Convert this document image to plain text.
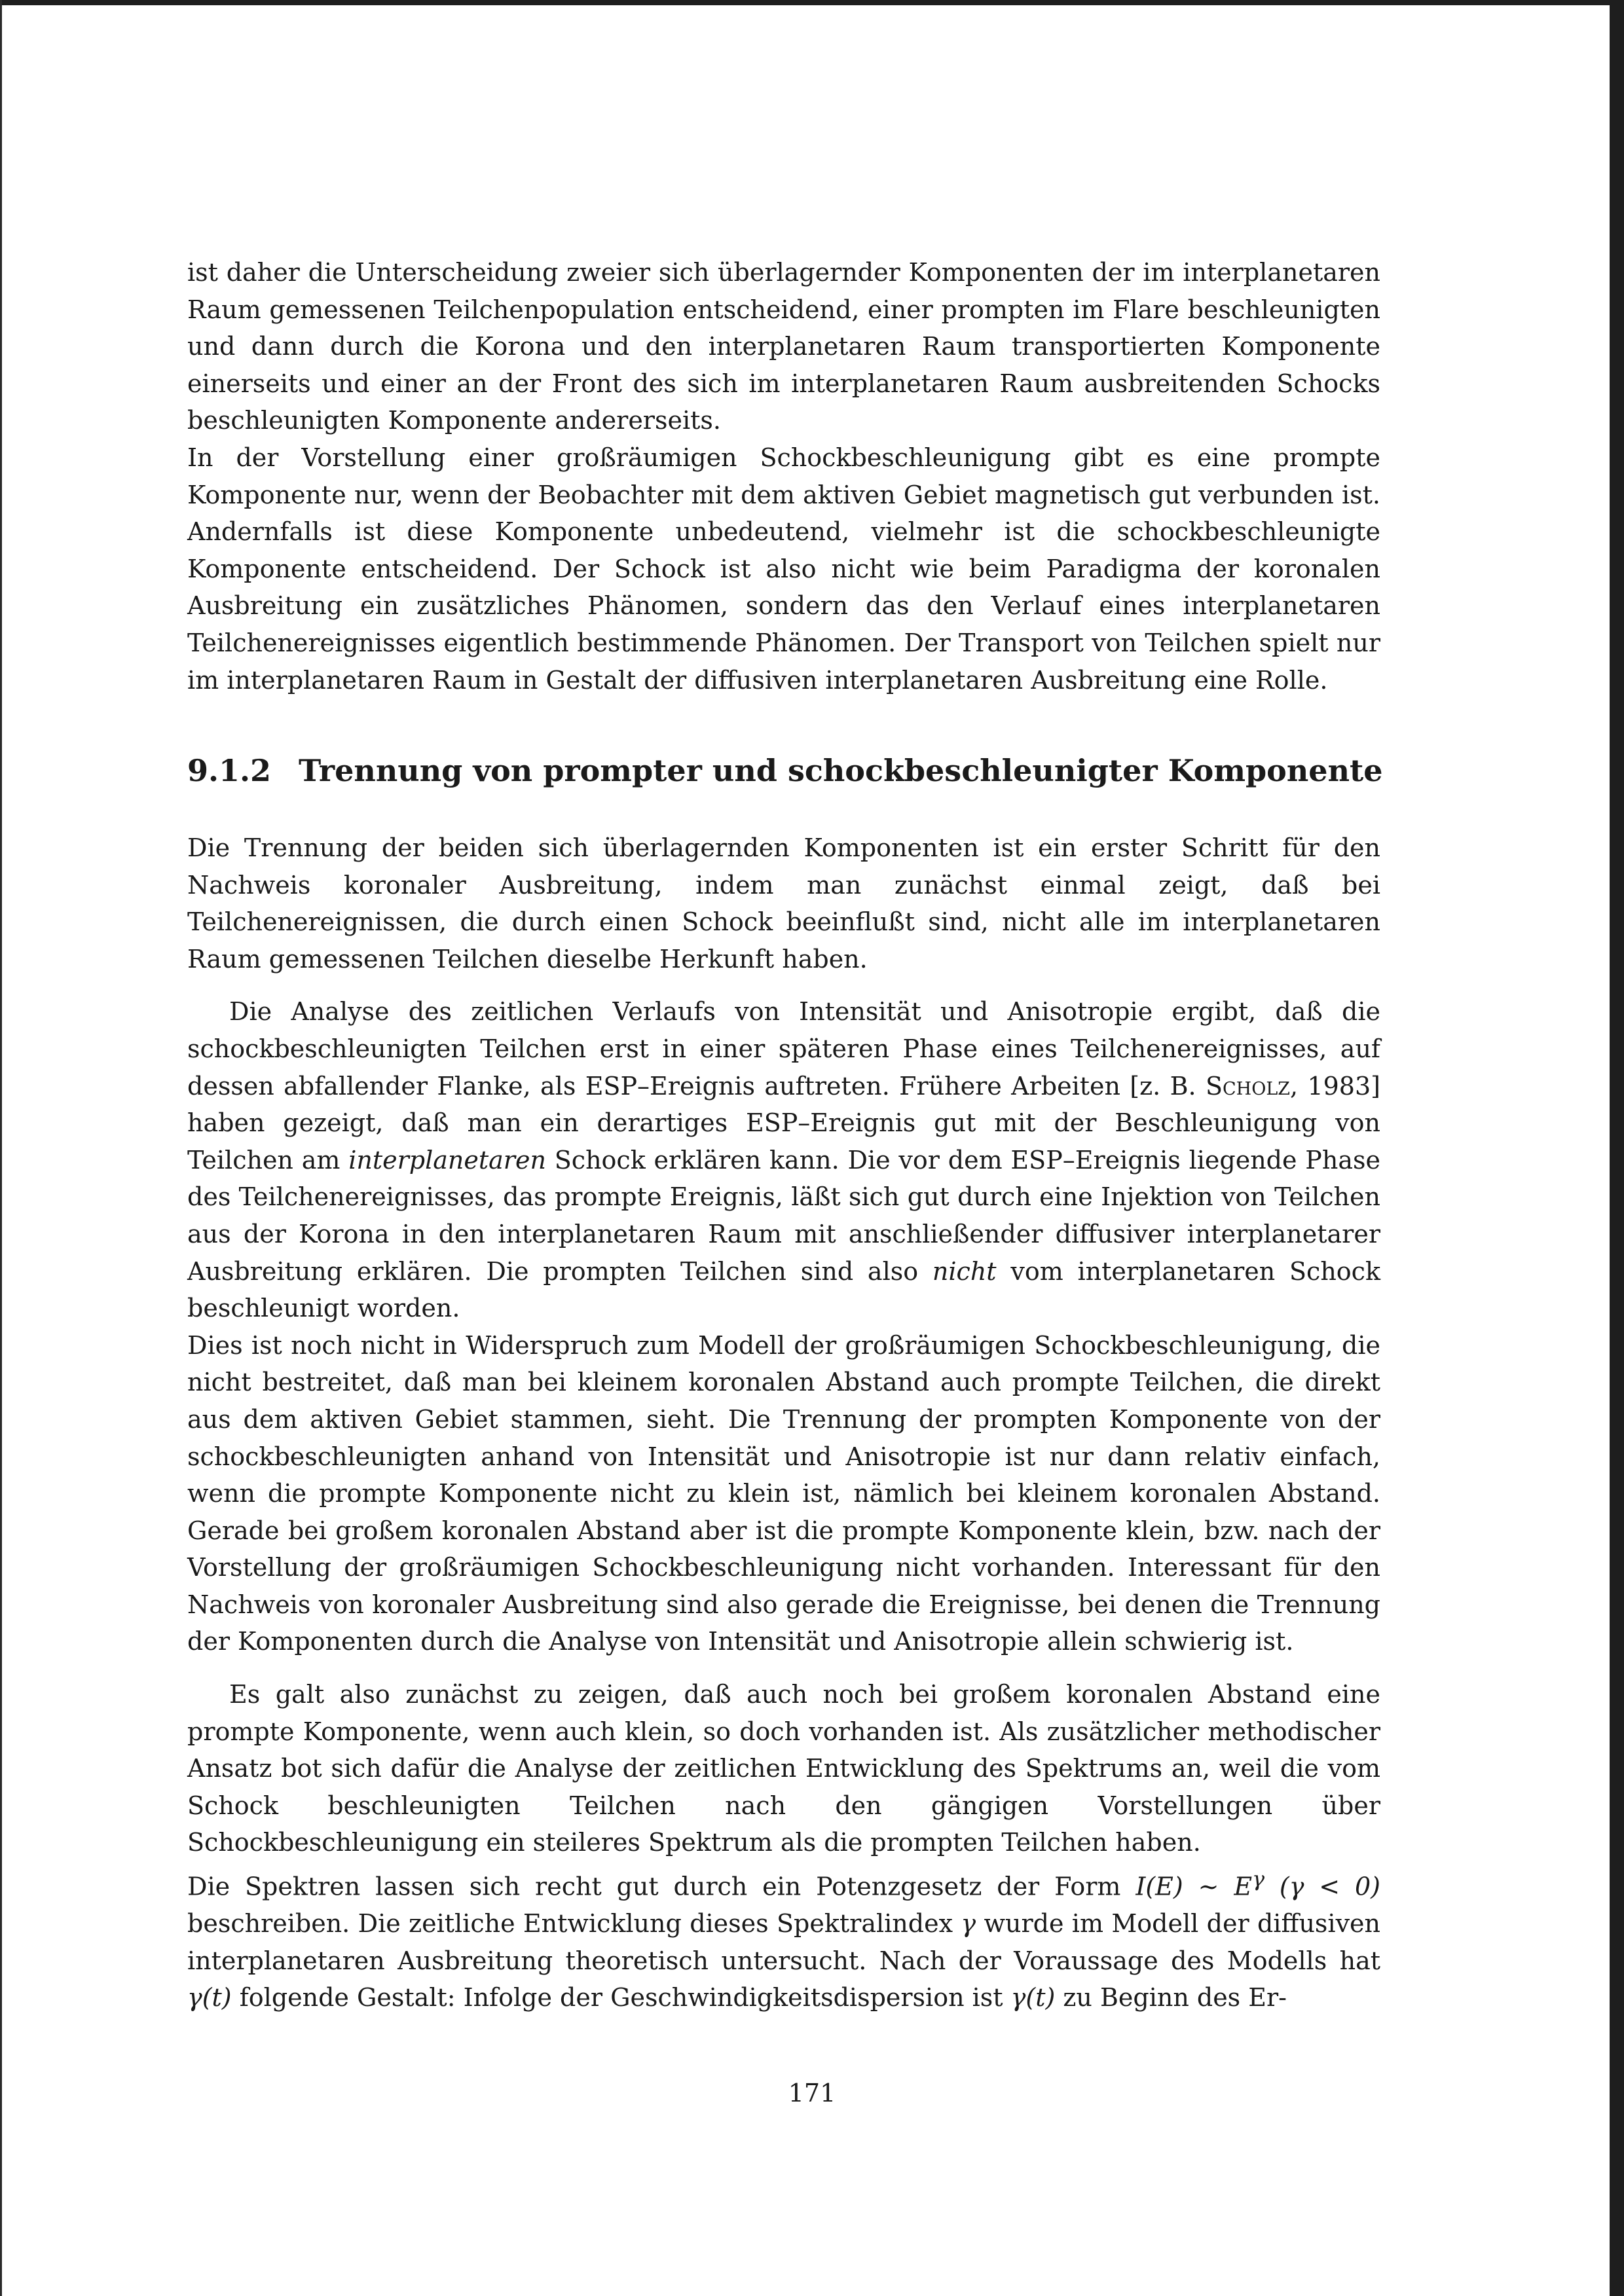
ist daher die Unterscheidung zweier sich überlagernder Komponenten der im interplanetaren Raum gemessenen Teilchenpopulation entscheidend, einer prompten im Flare beschleunigten und dann durch die Korona und den interplanetaren Raum transportierten Komponente einerseits und einer an der Front des sich im interplanetaren Raum ausbreitenden Schocks beschleunigten Komponente andererseits.

In der Vorstellung einer großräumigen Schockbeschleunigung gibt es eine prompte Komponente nur, wenn der Beobachter mit dem aktiven Gebiet magnetisch gut verbunden ist. Andernfalls ist diese Komponente unbedeutend, vielmehr ist die schockbeschleunigte Komponente entscheidend. Der Schock ist also nicht wie beim Paradigma der koronalen Ausbreitung ein zusätzliches Phänomen, sondern das den Verlauf eines interplanetaren Teilchenereignisses eigentlich bestimmende Phänomen. Der Transport von Teilchen spielt nur im interplanetaren Raum in Gestalt der diffusiven interplanetaren Ausbreitung eine Rolle.

9.1.2 Trennung von prompter und schockbeschleunigter Komponente

Die Trennung der beiden sich überlagernden Komponenten ist ein erster Schritt für den Nachweis koronaler Ausbreitung, indem man zunächst einmal zeigt, daß bei Teilchenereignissen, die durch einen Schock beeinflußt sind, nicht alle im interplanetaren Raum gemessenen Teilchen dieselbe Herkunft haben.

Die Analyse des zeitlichen Verlaufs von Intensität und Anisotropie ergibt, daß die schockbeschleunigten Teilchen erst in einer späteren Phase eines Teilchenereignisses, auf dessen abfallender Flanke, als ESP–Ereignis auftreten. Frühere Arbeiten [z. B. Scholz, 1983] haben gezeigt, daß man ein derartiges ESP–Ereignis gut mit der Beschleunigung von Teilchen am interplanetaren Schock erklären kann. Die vor dem ESP–Ereignis liegende Phase des Teilchenereignisses, das prompte Ereignis, läßt sich gut durch eine Injektion von Teilchen aus der Korona in den interplanetaren Raum mit anschließender diffusiver interplanetarer Ausbreitung erklären. Die prompten Teilchen sind also nicht vom interplanetaren Schock beschleunigt worden.

Dies ist noch nicht in Widerspruch zum Modell der großräumigen Schockbeschleunigung, die nicht bestreitet, daß man bei kleinem koronalen Abstand auch prompte Teilchen, die direkt aus dem aktiven Gebiet stammen, sieht. Die Trennung der prompten Komponente von der schockbeschleunigten anhand von Intensität und Anisotropie ist nur dann relativ einfach, wenn die prompte Komponente nicht zu klein ist, nämlich bei kleinem koronalen Abstand. Gerade bei großem koronalen Abstand aber ist die prompte Komponente klein, bzw. nach der Vorstellung der großräumigen Schockbeschleunigung nicht vorhanden. Interessant für den Nachweis von koronaler Ausbreitung sind also gerade die Ereignisse, bei denen die Trennung der Komponenten durch die Analyse von Intensität und Anisotropie allein schwierig ist.

Es galt also zunächst zu zeigen, daß auch noch bei großem koronalen Abstand eine prompte Komponente, wenn auch klein, so doch vorhanden ist. Als zusätzlicher methodischer Ansatz bot sich dafür die Analyse der zeitlichen Entwicklung des Spektrums an, weil die vom Schock beschleunigten Teilchen nach den gängigen Vorstellungen über Schockbeschleunigung ein steileres Spektrum als die prompten Teilchen haben.

Die Spektren lassen sich recht gut durch ein Potenzgesetz der Form I(E) ~ $E^\gamma$ (γ < 0) beschreiben. Die zeitliche Entwicklung dieses Spektralindex γ wurde im Modell der diffusiven interplanetaren Ausbreitung theoretisch untersucht. Nach der Voraussage des Modells hat γ(t) folgende Gestalt: Infolge der Geschwindigkeitsdispersion ist γ(t) zu Beginn des Er-

171
